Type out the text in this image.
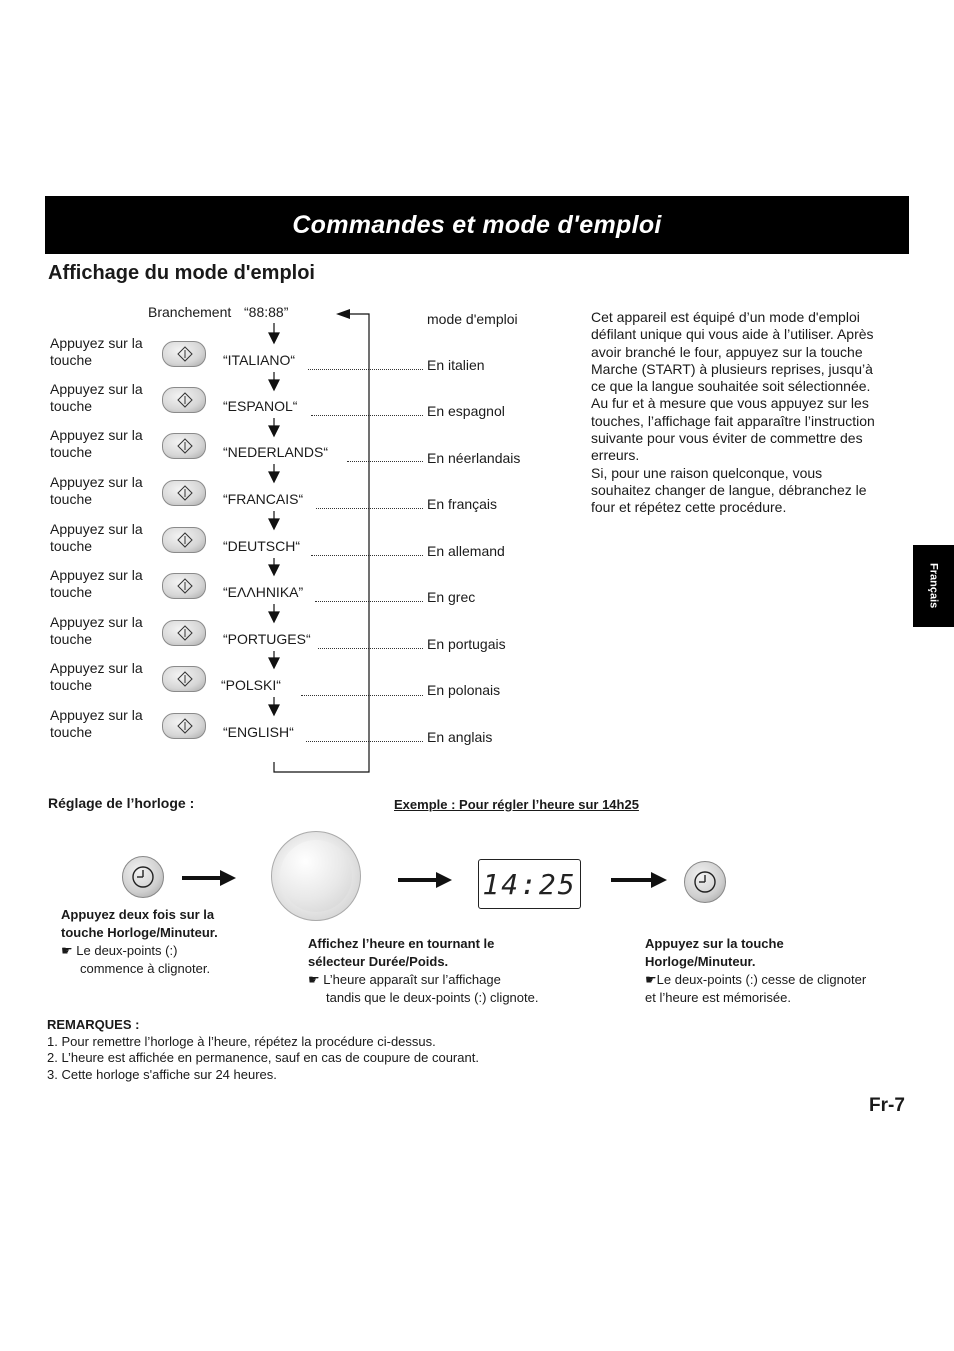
Commandes et mode d'emploi
Affichage du mode d'emploi
Français
Branchement “88:88”	mode d'emploi
Appuyez sur la touche	“ITALIANO“	En italien
Appuyez sur la touche	“ESPANOL“	En espagnol
Appuyez sur la touche	“NEDERLANDS“	En néerlandais
Appuyez sur la touche	“FRANCAIS“	En français
Appuyez sur la touche	“DEUTSCH“	En allemand
Appuyez sur la touche	“ΕΛΛΗΝΙΚΑ”	En grec
Appuyez sur la touche	“PORTUGES“	En portugais
Appuyez sur la touche	“POLSKI“	En polonais
Appuyez sur la touche	“ENGLISH“	En anglais
Cet appareil est équipé d’un mode d'emploi
défilant unique qui vous aide à l’utiliser. Après
avoir branché le four, appuyez sur la touche
Marche (START) à plusieurs reprises, jusqu’à
ce que la langue souhaitée soit sélectionnée.
Au fur et à mesure que vous appuyez sur les
touches, l’affichage fait apparaître l’instruction
suivante pour vous éviter de commettre des
erreurs.
Si, pour une raison quelconque, vous
souhaitez changer de langue, débranchez le
four et répétez cette procédure.
Réglage de l’horloge :	Exemple : Pour régler l’heure sur 14h25
14:25
Appuyez deux fois sur la
touche Horloge/Minuteur.
☛ Le deux-points (:)
commence à clignoter.
Affichez l’heure en tournant le
sélecteur Durée/Poids.
☛ L’heure apparaît sur l’affichage
tandis que le deux-points (:) clignote.
Appuyez sur la touche
Horloge/Minuteur.
☛Le deux-points (:) cesse de clignoter
et l’heure est mémorisée.
REMARQUES :
1. Pour remettre l’horloge à l’heure, répétez la procédure ci-dessus.
2. L’heure est affichée en permanence, sauf en cas de coupure de courant.
3. Cette horloge s'affiche sur 24 heures.
Fr-7
